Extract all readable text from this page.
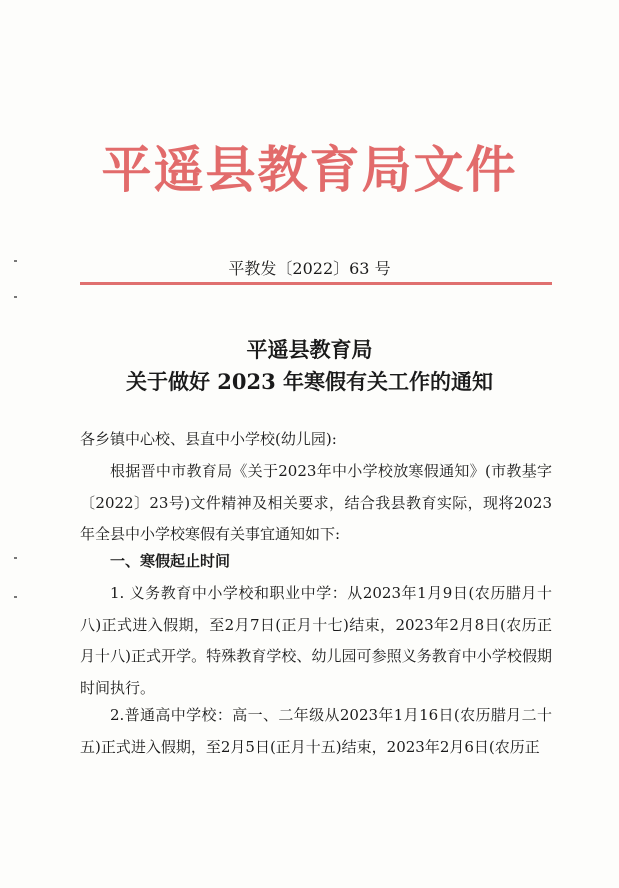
平遥县教育局文件
平教发〔2022〕63 号
平遥县教育局
关于做好 2023 年寒假有关工作的通知
各乡镇中心校、县直中小学校(幼儿园):
根据晋中市教育局《关于2023年中小学校放寒假通知》(市教基字〔2022〕23号)文件精神及相关要求，结合我县教育实际，现将2023年全县中小学校寒假有关事宜通知如下:
一、寒假起止时间
1. 义务教育中小学校和职业中学：从2023年1月9日(农历腊月十八)正式进入假期，至2月7日(正月十七)结束，2023年2月8日(农历正月十八)正式开学。特殊教育学校、幼儿园可参照义务教育中小学校假期时间执行。
2.普通高中学校：高一、二年级从2023年1月16日(农历腊月二十五)正式进入假期，至2月5日(正月十五)结束，2023年2月6日(农历正
